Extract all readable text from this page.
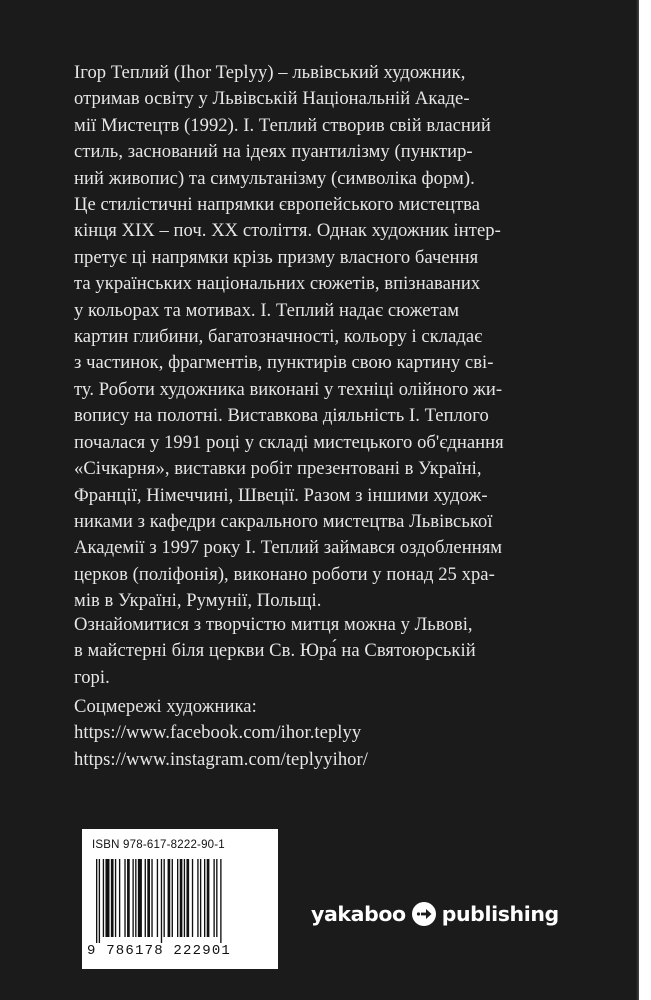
Ігор Теплий (Ihor Teplyy) – львівський художник,
отримав освіту у Львівській Національній Акаде-
мії Мистецтв (1992). І. Теплий створив свій власний
стиль, заснований на ідеях пуантилізму (пунктир-
ний живопис) та симультанізму (символіка форм).
Це стилістичні напрямки європейського мистецтва
кінця XIX – поч. XX століття. Однак художник інтер-
претує ці напрямки крізь призму власного бачення
та українських національних сюжетів, впізнаваних
у кольорах та мотивах. І. Теплий надає сюжетам
картин глибини, багатозначності, кольору і складає
з частинок, фрагментів, пунктирів свою картину сві-
ту. Роботи художника виконані у техніці олійного жи-
вопису на полотні. Виставкова діяльність І. Теплого
почалася у 1991 році у складі мистецького об'єднання
«Січкарня», виставки робіт презентовані в Україні,
Франції, Німеччині, Швеції. Разом з іншими худож-
никами з кафедри сакрального мистецтва Львівської
Академії з 1997 року І. Теплий займався оздобленням
церков (поліфонія), виконано роботи у понад 25 хра-
мів в Україні, Румунії, Польщі.

Ознайомитися з творчістю митця можна у Львові,
в майстерні біля церкви Св. Юра́ на Святоюрській
горі.

Соцмережі художника:
https://www.facebook.com/ihor.teplyy
https://www.instagram.com/teplyyihor/

ISBN 978-617-8222-90-1
9 786178 222901
yakaboo publishing
